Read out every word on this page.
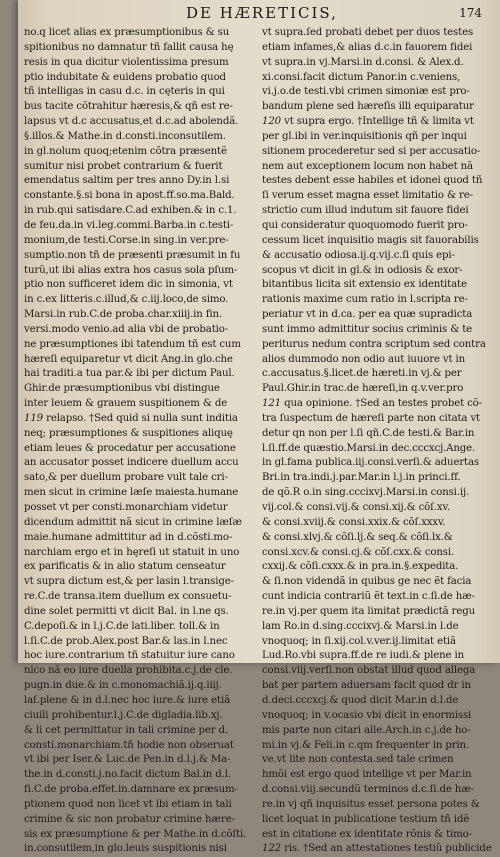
DE HÆRETICIS,	174
no.q licet alias ex præsumptionibus & su
spitionibus no damnatur tñ fallit causa hę
resis in qua dicitur violentissima presum
ptio indubitate & euidens probatio quod
tñ intelligas in casu d.c. in cęteris in qui
bus tacite cõtrahitur hæresis,& qñ est re-
lapsus vt d.c accusatus,et d.c.ad abolendã.
§.illos.& Mathe.in d.consti.inconsutilem.
in gl.nolum quoq;etenim cõtra præsentẽ
sumitur nisi probet contrarium & fuerit
emendatus saltim per tres anno Dy.in l.si
constante.§.si bona in apost.ff.so.ma.Bald.
in rub.qui satisdare.C.ad exhiben.& in c.1.
de feu.da.in vi.leg.commi.Barba.in c.testi-
monium,de testi.Corse.in sing.in ver.pre-
sumptio.non tñ de præsenti præsumit in fu
turũ,ut ibi alias extra hos casus sola pſum-
ptio non sufficeret idem dic in simonia, vt
in c.ex litteris.c.illud,& c.iij.loco,de simo.
Marsi.in rub.C.de proba.char.xiiij.in fin.
versi.modo venio.ad alia vbi de probatio-
ne præsumptiones ibi tatendum tñ est cum
hæreſi equiparetur vt dicit Ang.in glo.che
hai traditi.a tua par.& ibi per dictum Paul.
Ghir.de præsumptionibus vbi distingue
inter leuem & grauem suspitionem & de
119 relapso. †Sed quid si nulla sunt inditia
neq; præsumptiones & suspitiones aliquę
etiam leues & procedatur per accusatione
an accusator posset indicere duellum accu
sato,& per duellum probare vult tale cri-
men sicut in crimine læſe maiesta.humane
posset vt per consti.monarchiam videtur
dicendum admittit nã sicut in crimine læſæ
maie.humane admittitur ad in d.cõsti.mo-
narchiam ergo et in hęreſi ut statuit in uno
ex parificatis & in alio statum censeatur
vt supra dictum est,& per lasin l.transige-
re.C.de transa.item duellum ex consuetu-
dine solet permitti vt dicit Bal. in l.ne qs.
C.depoſi.& in l.j.C.de lati.liber. toll.& in
l.ſi.C.de prob.Alex.post Bar.& las.in l.nec
hoc iure.contrarium tñ statuitur iure cano
nico nã eo iure duella prohibita.c.j.de cle.
pugn.in due.& in c.monomachiã.ij.q.iiij.
laſ.plene & in d.l.nec hoc iure.& iure etiã
ciuili prohibentur.l.j.C.de digladia.lib.xj.
& li cet permittatur in tali crimine per d.
consti.monarchiam.tñ hodie non obseruat
vt ibi per Iser.& Luc.de Pen.in d.l.j.& Ma-
the.in d.consti.j.no.facit dictum Bal.in d.l.
fi.C.de proba.effet.in.damnare ex præsum-
ptionem quod non licet vt ibi etiam in tali
crimine & sic non probatur crimine hære-
sis ex præsumptione & per Mathe.in d.cõſti.
in.consutilem,in glo.leuis suspitionis nisi
vt supra.ſed probati debet per duos testes
etiam infames,& alias d.c.in fauorem fidei
vt supra.in vj.Marsi.in d.consi. & Alex.d.
xi.consi.facit dictum Panor.in c.veniens,
vi.j.o.de testi.vbi crimen simoniæ est pro-
bandum plene sed hæreſis illi equiparatur
120 vt supra ergo. †Intellige tñ & limita vt
per gl.ibi in ver.inquisitionis qñ per inqui
sitionem procederetur sed si per accusatio-
nem aut exceptionem locum non habet nã
testes debent esse habiles et idonei quod tñ
ſi verum esset magna esset limitatio & re-
strictio cum illud indutum sit fauore fidei
qui consideratur quoquomodo fuerit pro-
cessum licet inquisitio magis sit fauorabilis
& accusatio odiosa.ij.q.vij.c.ſi quis epi-
scopus vt dicit in gl.& in odiosis & exor-
bitantibus licita sit extensio ex identitate
rationis maxime cum ratio in l.scripta re-
periatur vt in d.ca. per ea quæ supradicta
sunt immo admittitur socius criminis & te
periturus nedum contra scriptum sed contra
alios dummodo non odio aut iuuore vt in
c.accusatus.§.licet.de hæreti.in vj.& per
Paul.Ghir.in trac.de hæreſi,in q.v.ver.pro
121 qua opinione. †Sed an testes probet cõ-
tra ſuspectum de hæreſi parte non citata vt
detur qn non per l.ſi qñ.C.de testi.& Bar.in
l.ſi.ff.de quæstio.Marsi.in dec.cccxcj.Ange.
in gl.fama publica.iij.consi.verſi.& aduertas
Bri.in tra.indi.j.par.Mar.in l.j.in princi.ff.
de qõ.R o.in sing.cccixvj.Marsi.in consi.ij.
vij.col.& consi.vij.& consi.xij.& cõſ.xv.
& consi.xviij.& consi.xxix.& cõſ.xxxv.
& consi.xlvj.& cõſi.lj.& seq.& cõſi.lx.&
consi.xcv.& consi.cj.& cõſ.cxx.& consi.
cxxij.& cõſi.cxxx.& in pra.in.§.expedita.
& ſi.non videndã in quibus ge nec ẽt facia
cunt indicia contrariũ ẽt text.in c.ſi.de hæ-
re.in vj.per quem ita limitat prædictã regu
lam Ro.in d.sing.cccixvj.& Marsi.in l.de
vnoquoq; in ſi.xij.col.v.ver.ij.limitat etiã
Lud.Ro.vbi supra.ff.de re iudi.& plene in
consi.viij.verſi.non obstat illud quod allega
bat per partem aduersam facit quod dr in
d.deci.cccxcj.& quod dicit Mar.in d.l.de
vnoquoq; in v.ocasio vbi dicit in enormissi
mis parte non citari alle.Arch.in c.j.de ho-
mi.in vj.& Feli.in c.qm frequenter in prin.
ve.vt lite non contesta.sed tale crimen
hmõi est ergo quod intellige vt per Mar.in
d.consi.viij.secundũ terminos d.c.ſi.de hæ-
re.in vj qñ inquisitus esset persona potes &
licet loquat in publicatione testium tñ idẽ
est in citatione ex identitate rõnis & timo-
122 ris. †Sed an attestationes testiũ publicide
